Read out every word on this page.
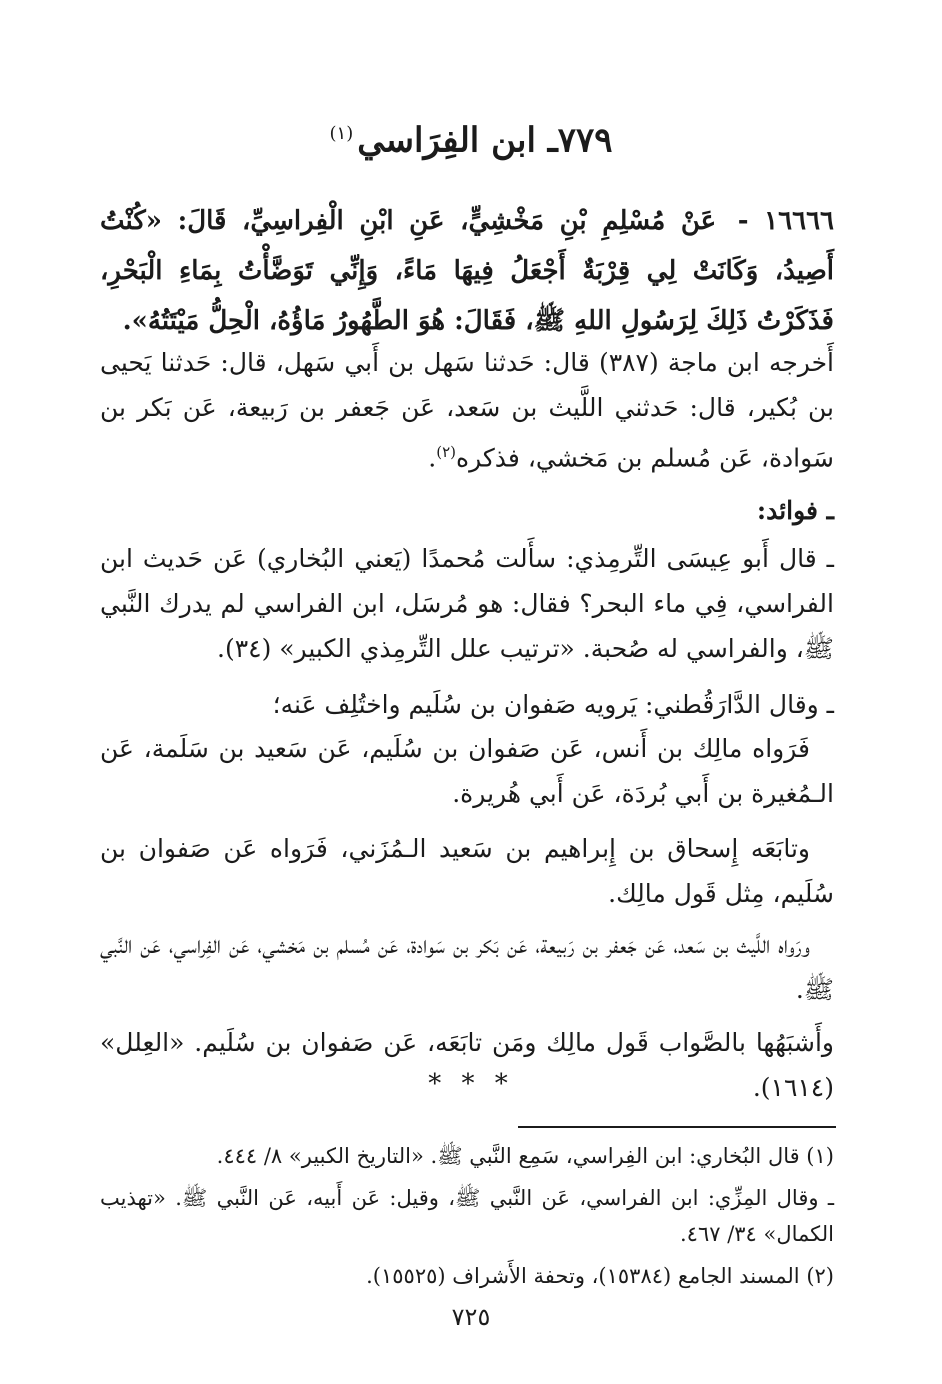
٧٧٩ـ ابن الفِرَاسي$^{(١)}$
١٦٦٦٦ - عَنْ مُسْلِمِ بْنِ مَخْشِيٍّ، عَنِ ابْنِ الْفِراسِيِّ، قَالَ: «كُنْتُ أَصِيدُ، وَكَانَتْ لِي قِرْبَةٌ أَجْعَلُ فِيهَا مَاءً، وَإِنِّي تَوَضَّأْتُ بِمَاءِ الْبَحْرِ، فَذَكَرْتُ ذَلِكَ لِرَسُولِ اللهِ ﷺ، فَقَالَ: هُوَ الطَّهُورُ مَاؤُهُ، الْحِلُّ مَيْتَتُهُ».
أَخرجه ابن ماجة (٣٨٧) قال: حَدثنا سَهل بن أَبي سَهل، قال: حَدثنا يَحيى بن بُكير، قال: حَدثني اللَّيث بن سَعد، عَن جَعفر بن رَبيعة، عَن بَكر بن سَوادة، عَن مُسلم بن مَخشي، فذكره$^{(٢)}$.
ـ فوائد:
ـ قال أَبو عِيسَى التِّرمِذي: سأَلت مُحمدًا (يَعني البُخاري) عَن حَديث ابن الفراسي، فِي ماء البحر؟ فقال: هو مُرسَل، ابن الفراسي لم يدرك النَّبي ﷺ، والفراسي له صُحبة. «ترتيب علل التِّرمِذي الكبير» (٣٤).
ـ وقال الدَّارَقُطني: يَرويه صَفوان بن سُلَيم واختُلِف عَنه؛
فَرَواه مالِك بن أَنس، عَن صَفوان بن سُلَيم، عَن سَعيد بن سَلَمة، عَن الـمُغيرة بن أَبي بُردَة، عَن أَبي هُريرة.
وتابَعَه إِسحاق بن إِبراهيم بن سَعيد الـمُزَني، فَرَواه عَن صَفوان بن سُلَيم، مِثل قَول مالِك.
ورَواه اللَّيث بن سَعد، عَن جَعفر بن رَبيعة، عَن بَكر بن سَوادة، عَن مُسلم بن مَخشي، عَن الفِراسي، عَن النَّبي ﷺ.
وأَشبَهُها بالصَّواب قَول مالِك ومَن تابَعَه، عَن صَفوان بن سُلَيم. «العِلل» (١٦١٤).
* * *

(١) قال البُخاري: ابن الفِراسي، سَمِع النَّبي ﷺ. «التاريخ الكبير» ٨/ ٤٤٤.

ـ وقال المِزِّي: ابن الفراسي، عَن النَّبي ﷺ، وقيل: عَن أَبيه، عَن النَّبي ﷺ. «تهذيب الكمال» ٣٤/ ٤٦٧.

(٢) المسند الجامع (١٥٣٨٤)، وتحفة الأَشراف (١٥٥٢٥).

٧٢٥
